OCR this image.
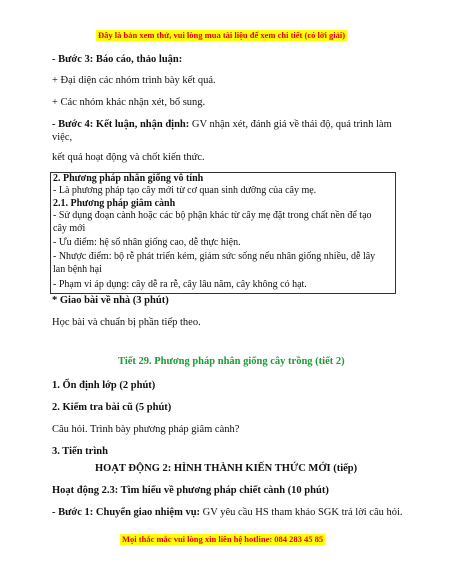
Đây là bản xem thử, vui lòng mua tài liệu để xem chi tiết (có lời giải)
- Bước 3: Báo cáo, thảo luận:
+ Đại diện các nhóm trình bày kết quả.
+ Các nhóm khác nhận xét, bổ sung.
- Bước 4: Kết luận, nhận định: GV nhận xét, đánh giá về thái độ, quá trình làm
việc,
kết quả hoạt động và chốt kiến thức.
2. Phương pháp nhân giống vô tính
- Là phương pháp tạo cây mới từ cơ quan sinh dưỡng của cây mẹ.
2.1. Phương pháp giâm cành
- Sử dụng đoạn cành hoặc các bộ phận khác từ cây mẹ đặt trong chất nền để tạo
cây mới
- Ưu điểm: hệ số nhân giống cao, dễ thực hiện.
- Nhược điểm: bộ rễ phát triển kém, giảm sức sống nếu nhân giống nhiều, dễ lây
lan bệnh hại
- Phạm vi áp dụng: cây dễ ra rễ, cây lâu năm, cây không có hạt.
* Giao bài về nhà (3 phút)
Học bài và chuẩn bị phần tiếp theo.
Tiết 29. Phương pháp nhân giống cây trồng (tiết 2)
1. Ổn định lớp (2 phút)
2. Kiểm tra bài cũ (5 phút)
Câu hỏi. Trình bày phương pháp giâm cành?
3. Tiến trình
HOẠT ĐỘNG 2: HÌNH THÀNH KIẾN THỨC MỚI (tiếp)
Hoạt động 2.3: Tìm hiểu về phương pháp chiết cành (10 phút)
- Bước 1: Chuyển giao nhiệm vụ: GV yêu cầu HS tham khảo SGK trả lời câu hỏi.
Mọi thắc mắc vui lòng xin liên hệ hotline: 084 283 45 85
